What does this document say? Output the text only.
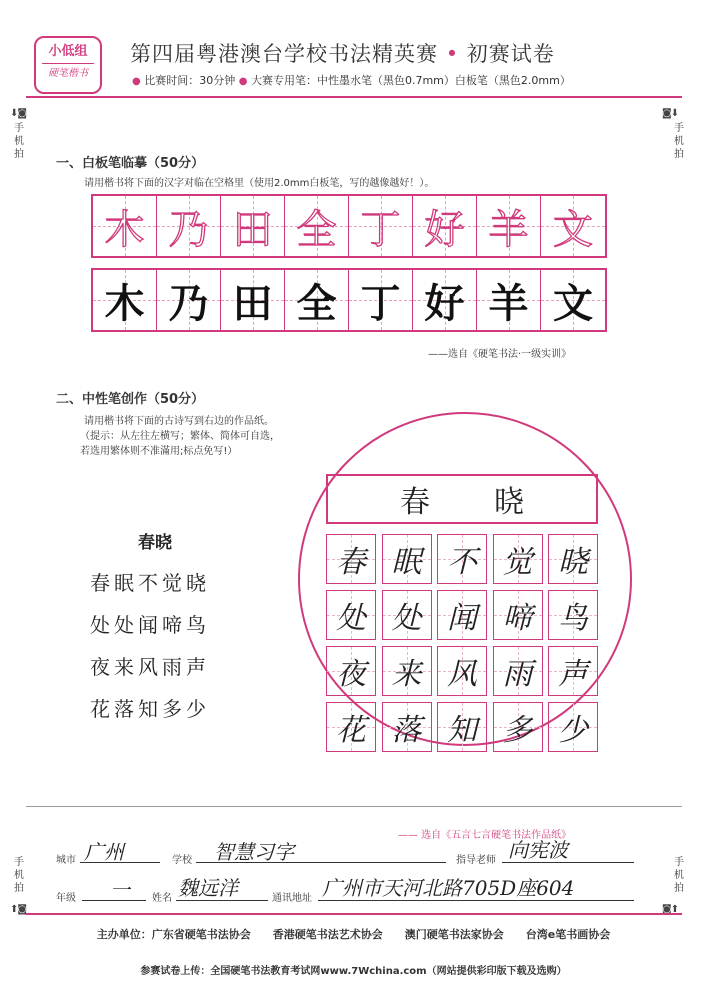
小低组
硬笔楷书
第四届粤港澳台学校书法精英赛 • 初赛试卷
● 比赛时间：30分钟 ● 大赛专用笔：中性墨水笔（黑色0.7mm）白板笔（黑色2.0mm）
⬇◙
手机拍
◙⬇
手机拍
手机拍
⬆◙
手机拍
◙⬆
一、白板笔临摹（50分）
请用楷书将下面的汉字对临在空格里（使用2.0mm白板笔，写的越像越好！）。
木 乃 田 全 丁 好 羊 文
木 乃 田 全 丁 好 羊 文
——选自《硬笔书法·一级实训》
二、中性笔创作（50分）
请用楷书将下面的古诗写到右边的作品纸。
（提示：从左往左横写；繁体、简体可自选，
若选用繁体则不准滿用;标点免写!）
春晓
春眠不觉晓
处处闻啼鸟
夜来风雨声
花落知多少
春 晓
春 眠 不 觉 晓
处 处 闻 啼 鸟
夜 来 风 雨 声
花 落 知 多 少
—— 选自《五言七言硬笔书法作品纸》
城市 广州	学校 智慧习字	指导老师 向宪波
年级 一 姓名 魏远洋	通讯地址 广州市天河北路705D座604
主办单位：广东省硬笔书法协会　　香港硬笔书法艺术协会　　澳门硬笔书法家协会　　台湾e笔书画协会
参赛试卷上传：全国硬笔书法教育考试网www.7Wchina.com（网站提供彩印版下载及选购）
